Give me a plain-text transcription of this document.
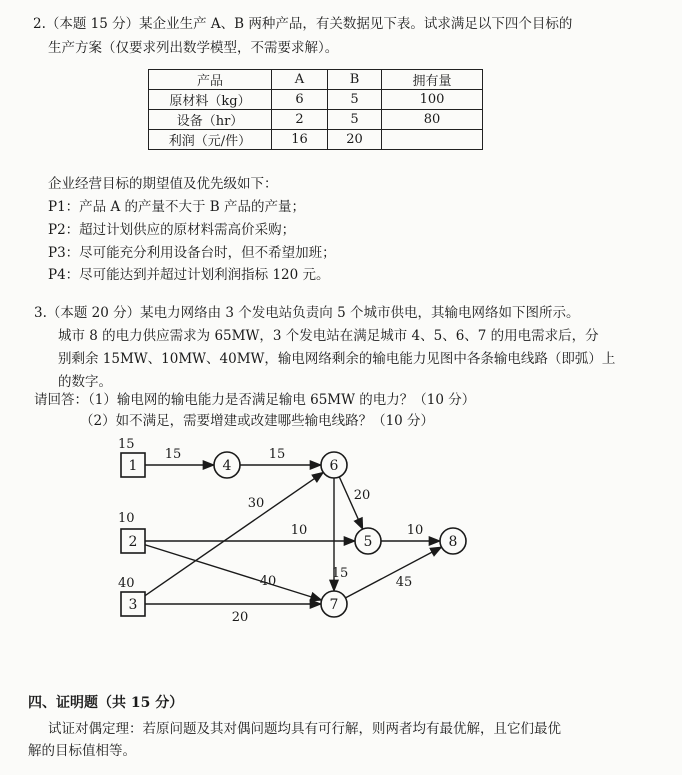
2.（本题 15 分）某企业生产 A、B 两种产品，有关数据见下表。试求满足以下四个目标的
生产方案（仅要求列出数学模型，不需要求解）。
产品	A	B	拥有量
原材料（kg）	6	5	100
设备（hr）	2	5	80
利润（元/件）	16	20	
企业经营目标的期望值及优先级如下：
P1：产品 A 的产量不大于 B 产品的产量；
P2：超过计划供应的原材料需高价采购；
P3：尽可能充分利用设备台时，但不希望加班；
P4：尽可能达到并超过计划利润指标 120 元。
3.（本题 20 分）某电力网络由 3 个发电站负责向 5 个城市供电，其输电网络如下图所示。
城市 8 的电力供应需求为 65MW，3 个发电站在满足城市 4、5、6、7 的用电需求后，分
别剩余 15MW、10MW、40MW，输电网络剩余的输电能力见图中各条输电线路（即弧）上
的数字。
请回答：（1）输电网的输电能力是否满足输电 65MW 的电力？（10 分）
（2）如不满足，需要增建或改建哪些输电线路？（10 分）
1
2
3
4
5
6
7
8
15	15
30
20
10	10
15
40
20
45
15
10
40
四、证明题（共 15 分）
试证对偶定理：若原问题及其对偶问题均具有可行解，则两者均有最优解，且它们最优
解的目标值相等。
